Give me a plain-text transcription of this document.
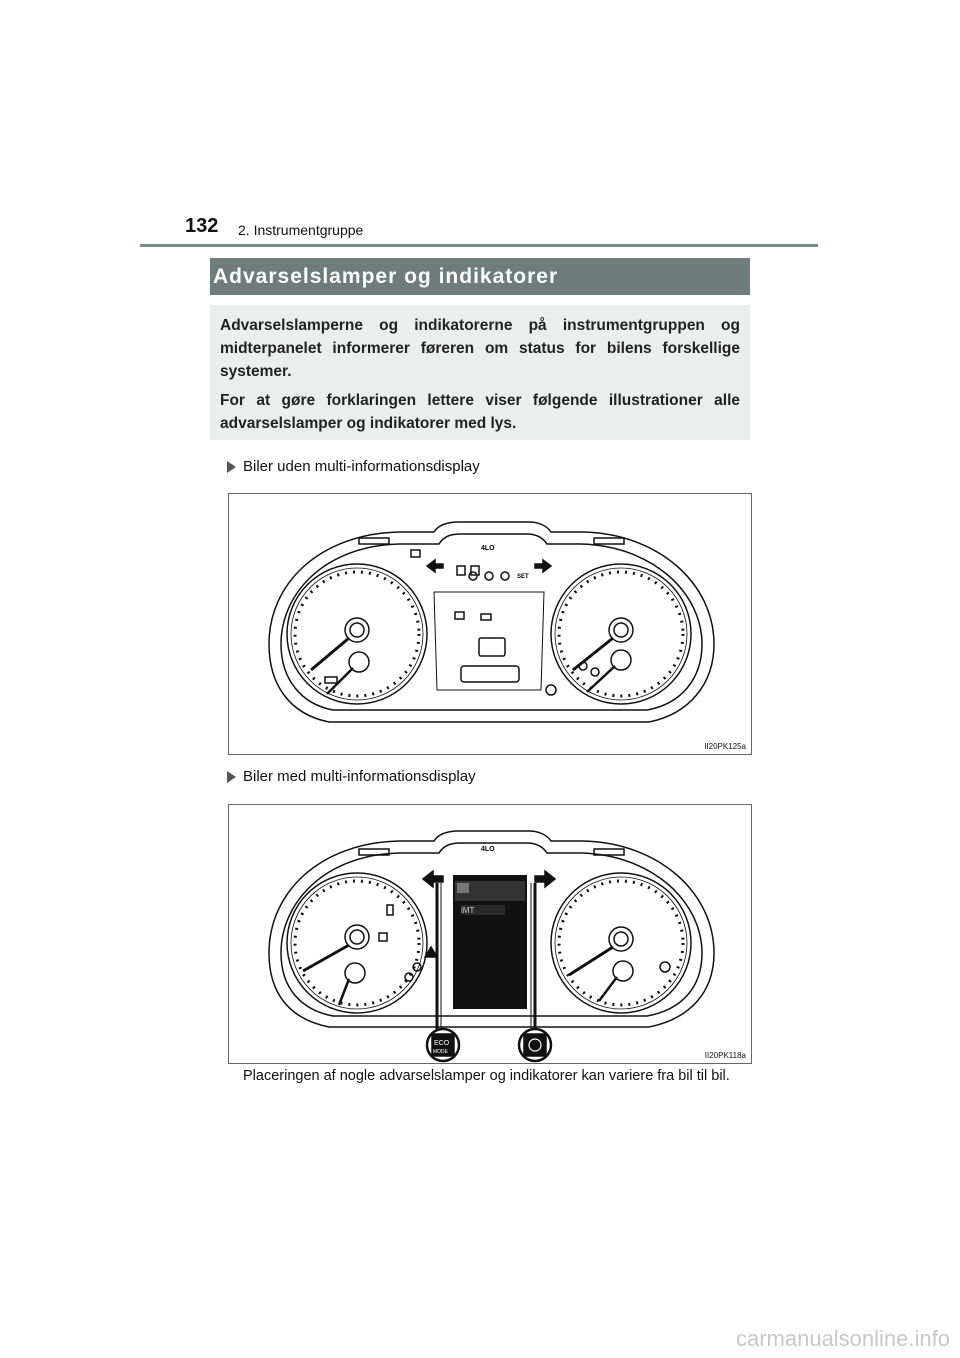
132 2. Instrumentgruppe
Advarselslamper og indikatorer
Advarselslamperne og indikatorerne på instrumentgruppen og midterpanelet informerer føreren om status for bilens forskellige systemer.
For at gøre forklaringen lettere viser følgende illustrationer alle advarselslamper og indikatorer med lys.
Biler uden multi-informationsdisplay
4LO
SET
II20PK125a
Biler med multi-informationsdisplay
iMT
4LO
ECO
MODE	II20PK118a
Placeringen af nogle advarselslamper og indikatorer kan variere fra bil til bil.
carmanualsonline.info
